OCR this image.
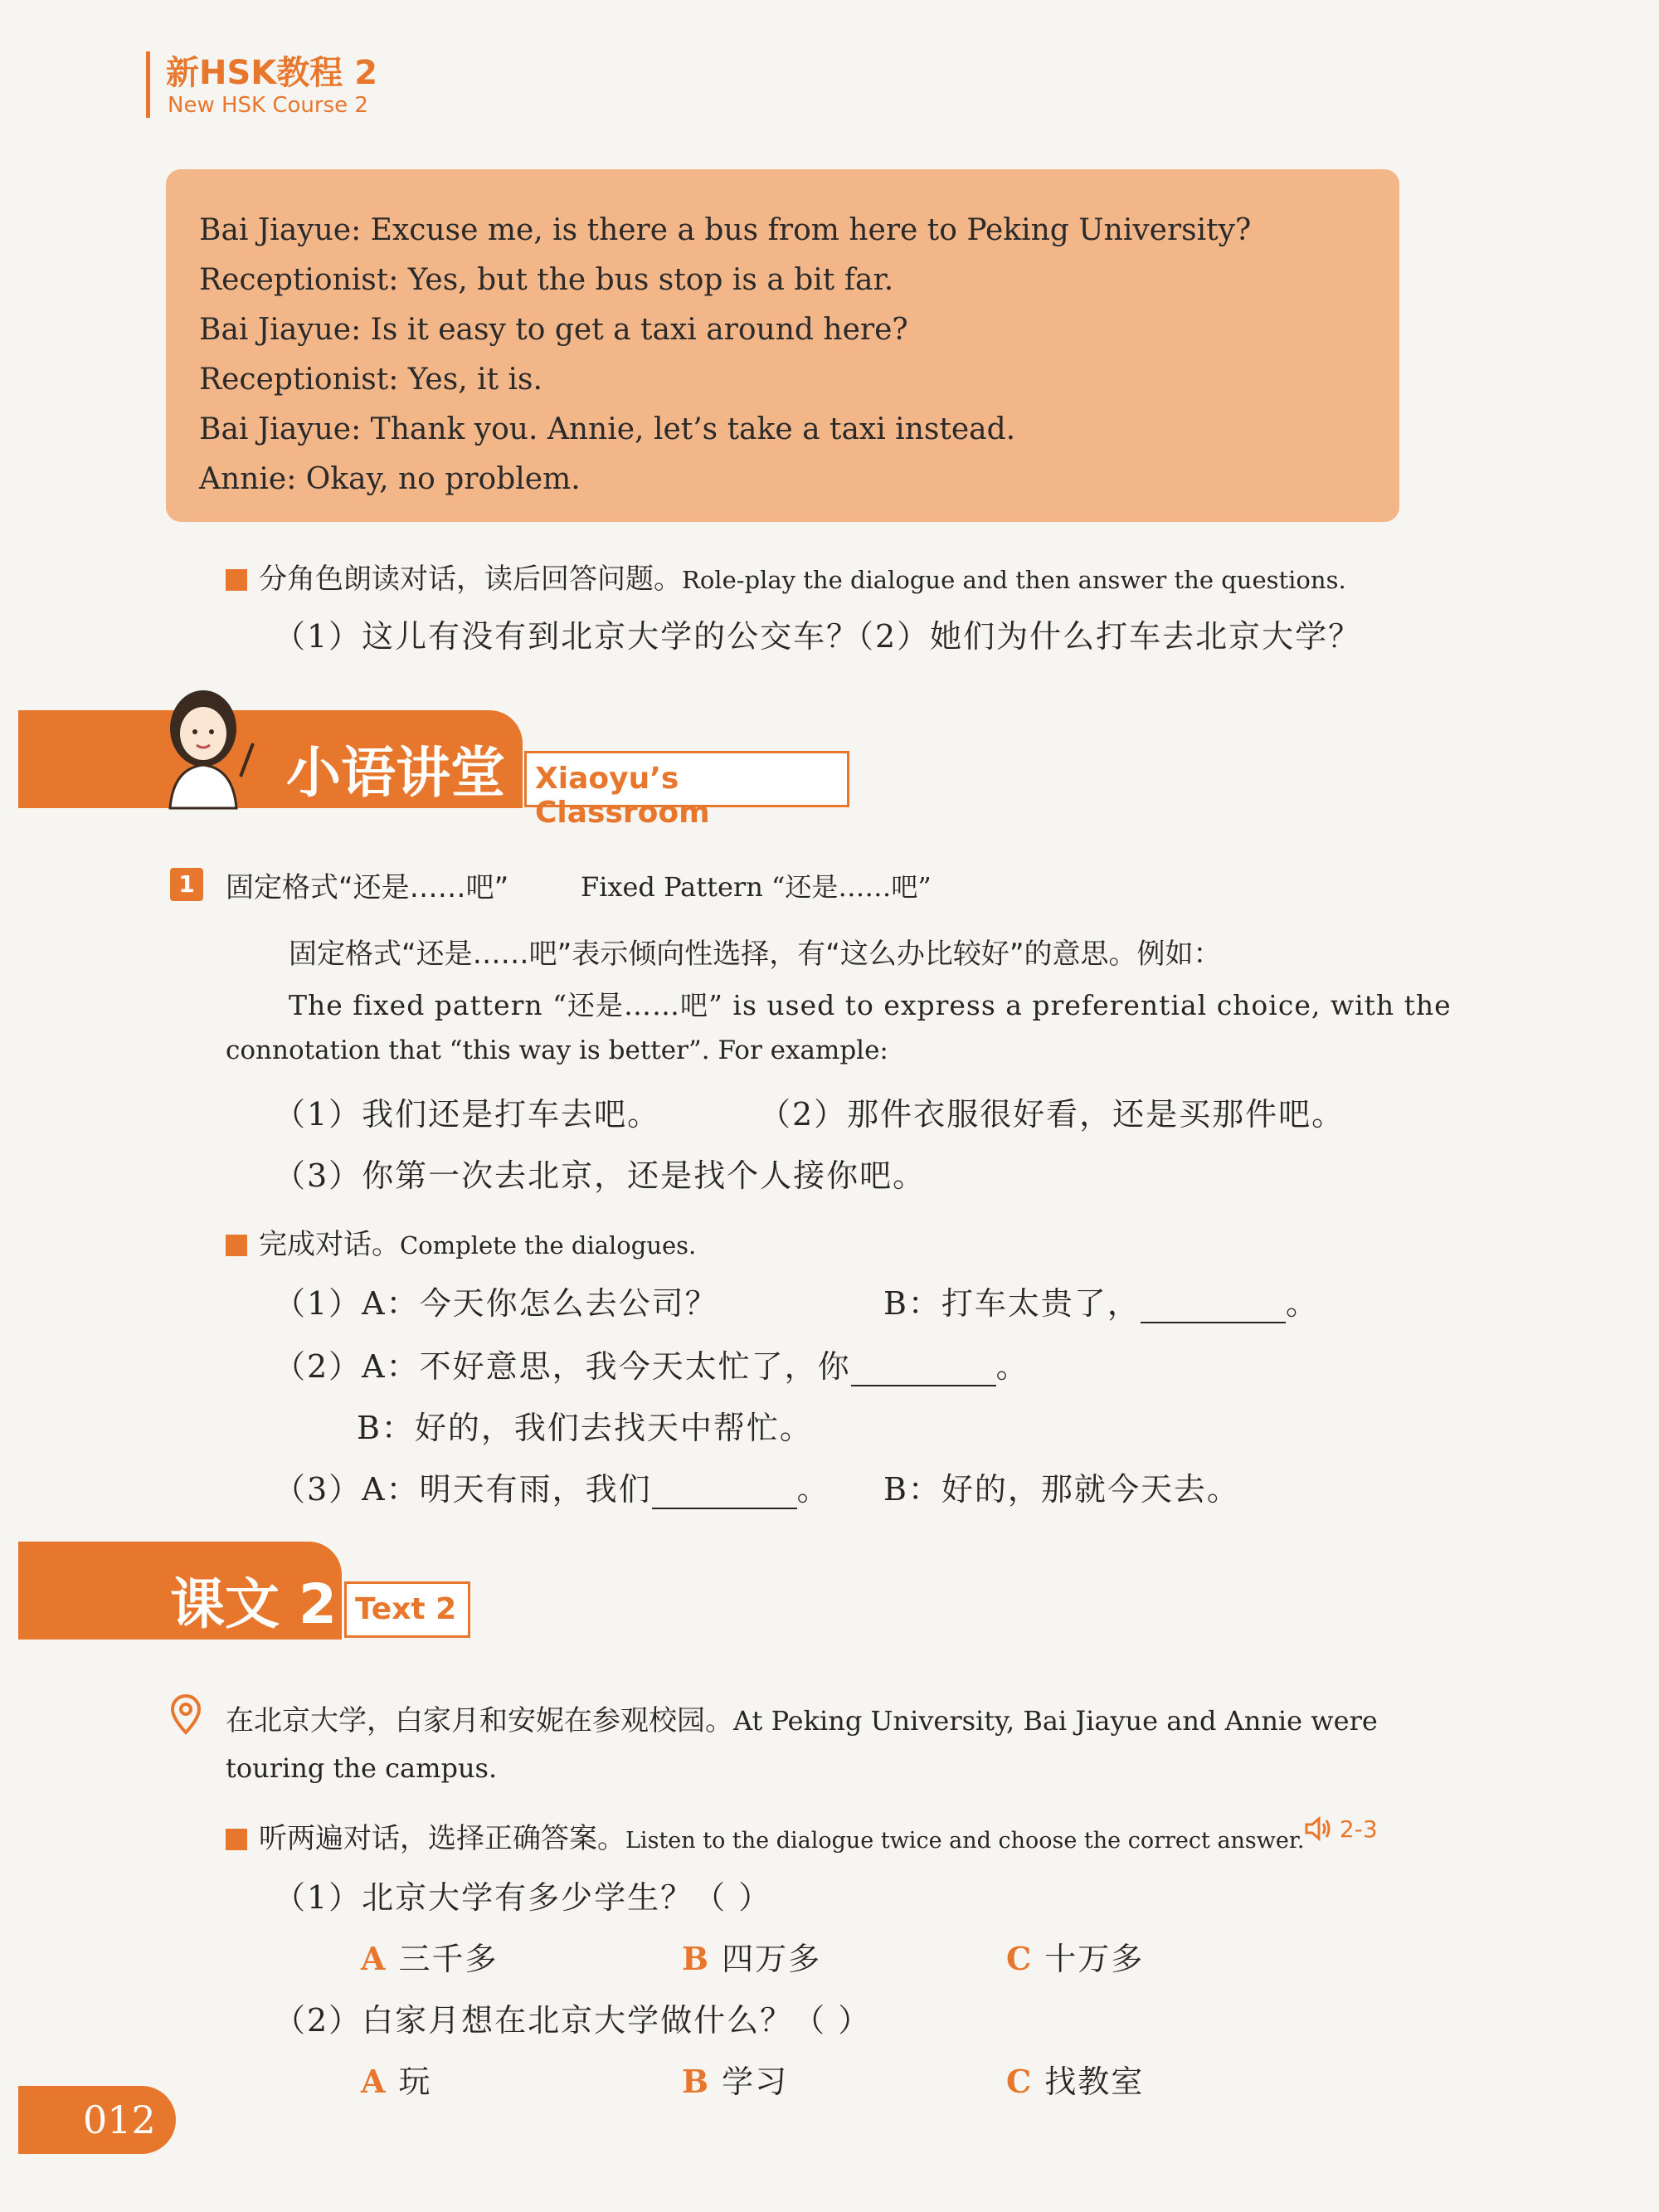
新HSK教程 2
New HSK Course 2
Bai Jiayue: Excuse me, is there a bus from here to Peking University?
Receptionist: Yes, but the bus stop is a bit far.
Bai Jiayue: Is it easy to get a taxi around here?
Receptionist: Yes, it is.
Bai Jiayue: Thank you. Annie, let’s take a taxi instead.
Annie: Okay, no problem.
分角色朗读对话，读后回答问题。Role-play the dialogue and then answer the questions.
（1）这儿有没有到北京大学的公交车？
（2）她们为什么打车去北京大学？
小语讲堂	Xiaoyu’s Classroom
1	固定格式“还是……吧”	Fixed Pattern “还是……吧”
固定格式“还是……吧”表示倾向性选择，有“这么办比较好”的意思。例如：
The fixed pattern “还是……吧” is used to express a preferential choice, with the
connotation that “this way is better”. For example:
（1）我们还是打车去吧。	（2）那件衣服很好看，还是买那件吧。
（3）你第一次去北京，还是找个人接你吧。
完成对话。Complete the dialogues.
（1）A：今天你怎么去公司？	B：打车太贵了，	。
（2）A：不好意思，我今天太忙了，你	。
B：好的，我们去找天中帮忙。
（3）A：明天有雨，我们	。 B：好的，那就今天去。
课文 2 Text 2
在北京大学，白家月和安妮在参观校园。At Peking University, Bai Jiayue and Annie were
touring the campus.
听两遍对话，选择正确答案。Listen to the dialogue twice and choose the correct answer.	2-3
（1）北京大学有多少学生？（ ）
A 三千多	B 四万多	C 十万多
（2）白家月想在北京大学做什么？（ ）
A 玩	B 学习	C 找教室
012
